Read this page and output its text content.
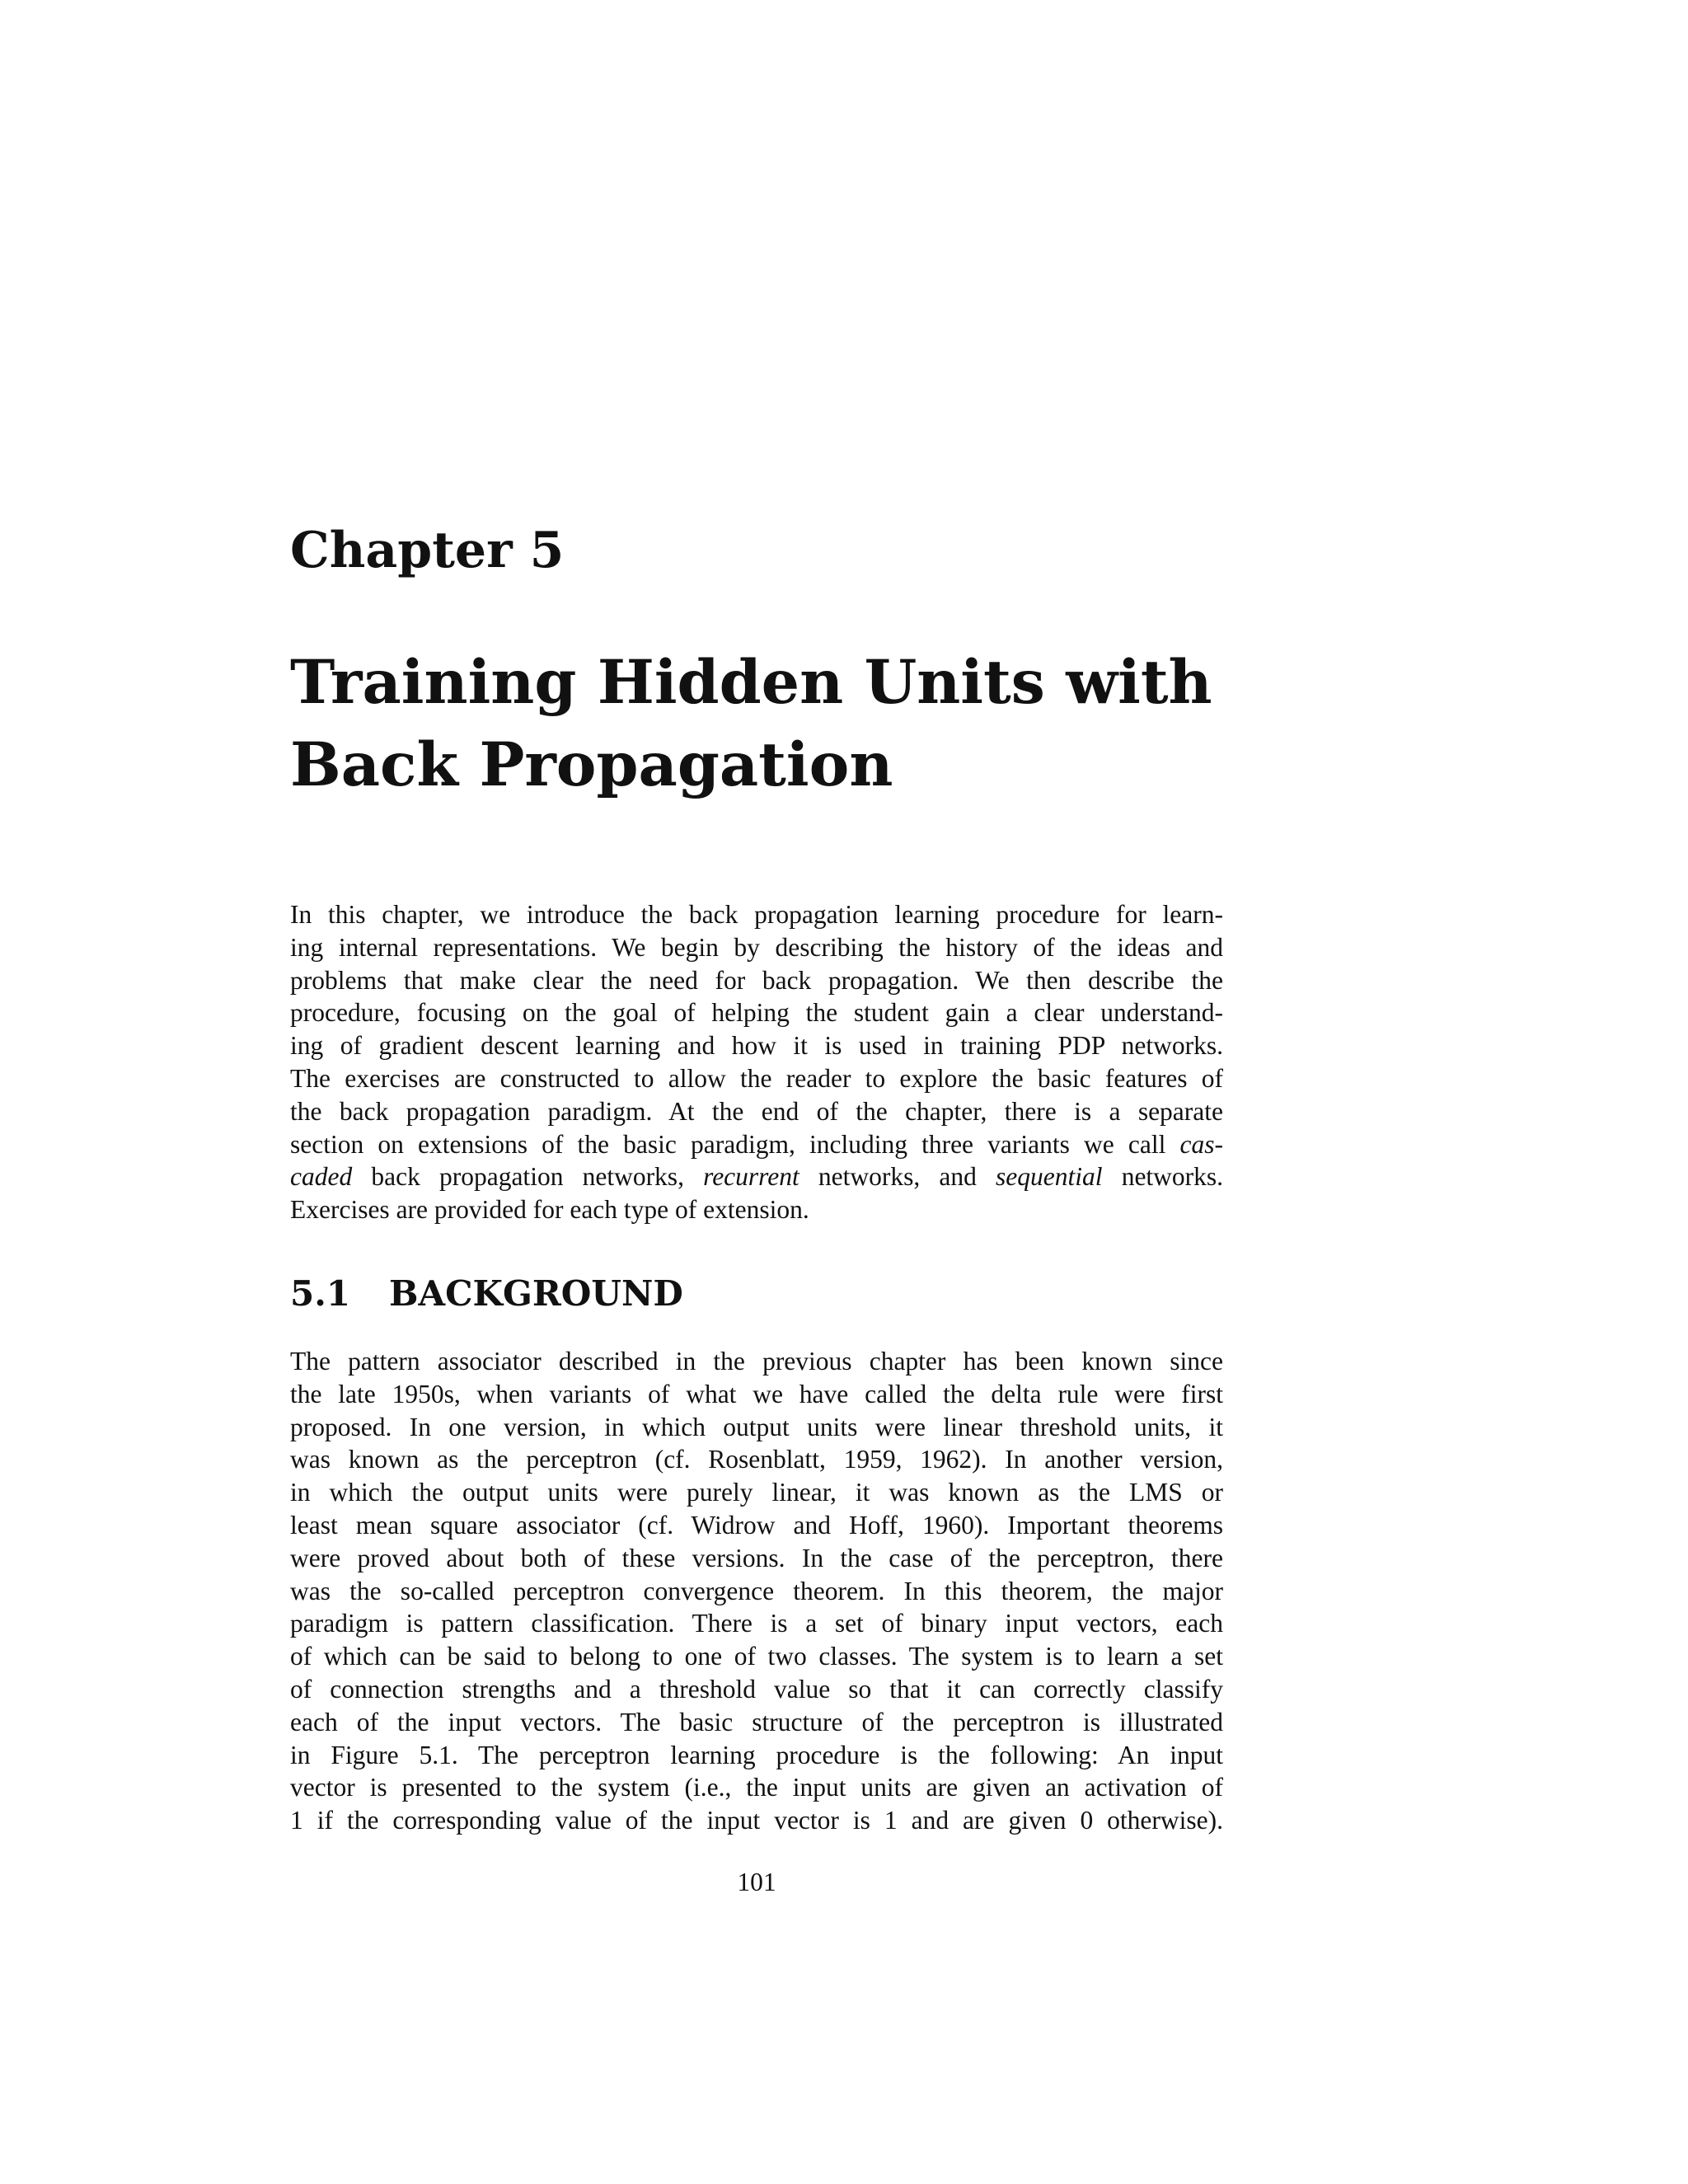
Chapter 5
Training Hidden Units with
Back Propagation
In this chapter, we introduce the back propagation learning procedure for learn-
ing internal representations. We begin by describing the history of the ideas and
problems that make clear the need for back propagation. We then describe the
procedure, focusing on the goal of helping the student gain a clear understand-
ing of gradient descent learning and how it is used in training PDP networks.
The exercises are constructed to allow the reader to explore the basic features of
the back propagation paradigm. At the end of the chapter, there is a separate
section on extensions of the basic paradigm, including three variants we call cas-
caded back propagation networks, recurrent networks, and sequential networks.
Exercises are provided for each type of extension.
5.1 BACKGROUND
The pattern associator described in the previous chapter has been known since
the late 1950s, when variants of what we have called the delta rule were first
proposed. In one version, in which output units were linear threshold units, it
was known as the perceptron (cf. Rosenblatt, 1959, 1962). In another version,
in which the output units were purely linear, it was known as the LMS or
least mean square associator (cf. Widrow and Hoff, 1960). Important theorems
were proved about both of these versions. In the case of the perceptron, there
was the so-called perceptron convergence theorem. In this theorem, the major
paradigm is pattern classification. There is a set of binary input vectors, each
of which can be said to belong to one of two classes. The system is to learn a set
of connection strengths and a threshold value so that it can correctly classify
each of the input vectors. The basic structure of the perceptron is illustrated
in Figure 5.1. The perceptron learning procedure is the following: An input
vector is presented to the system (i.e., the input units are given an activation of
1 if the corresponding value of the input vector is 1 and are given 0 otherwise).

101
